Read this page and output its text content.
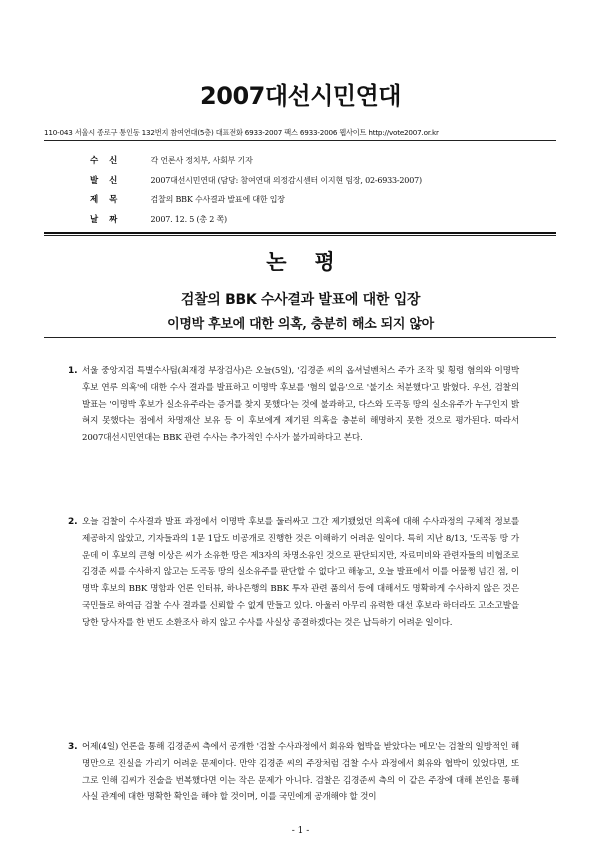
2007대선시민연대
110-043 서울시 종로구 통인동 132번지 참여연대(5층) 대표전화 6933-2007 팩스 6933-2006 웹사이트 http://vote2007.or.kr
수 신	각 언론사 정치부, 사회부 기자
발 신	2007대선시민연대 (담당: 참여연대 의정감시센터 이지현 팀장, 02-6933-2007)
제 목	검찰의 BBK 수사결과 발표에 대한 입장
날 짜	2007. 12. 5 (총 2 쪽)
논평
검찰의 BBK 수사결과 발표에 대한 입장
이명박 후보에 대한 의혹, 충분히 해소 되지 않아
1. 서울 중앙지검 특별수사팀(최재경 부장검사)은 오늘(5일), '김경준 씨의 옵셔널벤처스 주가 조작 및 횡령 혐의와 이명박 후보 연루 의혹'에 대한 수사 결과를 발표하고 이명박 후보를 '혐의 없음'으로 '불기소 처분했다'고 밝혔다. 우선, 검찰의 발표는 '이명박 후보가 실소유주라는 증거를 찾지 못했다'는 것에 불과하고, 다스와 도곡동 땅의 실소유주가 누구인지 밝혀지 못했다는 점에서 차명재산 보유 등 이 후보에게 제기된 의혹을 충분히 해명하지 못한 것으로 평가된다. 따라서 2007대선시민연대는 BBK 관련 수사는 추가적인 수사가 불가피하다고 본다.
2. 오늘 검찰이 수사결과 발표 과정에서 이명박 후보를 둘러싸고 그간 제기됐었던 의혹에 대해 수사과정의 구체적 정보를 제공하지 않았고, 기자들과의 1문 1답도 비공개로 진행한 것은 이해하기 어려운 일이다. 특히 지난 8/13, '도곡동 땅 가운데 이 후보의 큰형 이상은 씨가 소유한 땅은 제3자의 차명소유인 것으로 판단되지만, 자료미비와 관련자들의 비협조로 김경준 씨를 수사하지 않고는 도곡동 땅의 실소유주를 판단할 수 없다'고 해놓고, 오늘 발표에서 이를 어물쩡 넘긴 점, 이명박 후보의 BBK 명함과 언론 인터뷰, 하나은행의 BBK 투자 관련 품의서 등에 대해서도 명확하게 수사하지 않은 것은 국민들로 하여금 검찰 수사 결과를 신뢰할 수 없게 만들고 있다. 아울러 아무리 유력한 대선 후보라 하더라도 고소고발을 당한 당사자를 한 번도 소환조사 하지 않고 수사를 사실상 종결하겠다는 것은 납득하기 어려운 일이다.
3. 어제(4일) 언론을 통해 김경준씨 측에서 공개한 '검찰 수사과정에서 회유와 협박을 받았다는 메모'는 검찰의 일방적인 해명만으로 진실을 가리기 어려운 문제이다. 만약 김경준 씨의 주장처럼 검찰 수사 과정에서 회유와 협박이 있었다면, 또 그로 인해 김씨가 진술을 번복했다면 이는 작은 문제가 아니다. 검찰은 김경준씨 측의 이 같은 주장에 대해 본인을 통해 사실 관계에 대한 명확한 확인을 해야 할 것이며, 이를 국민에게 공개해야 할 것이
- 1 -
